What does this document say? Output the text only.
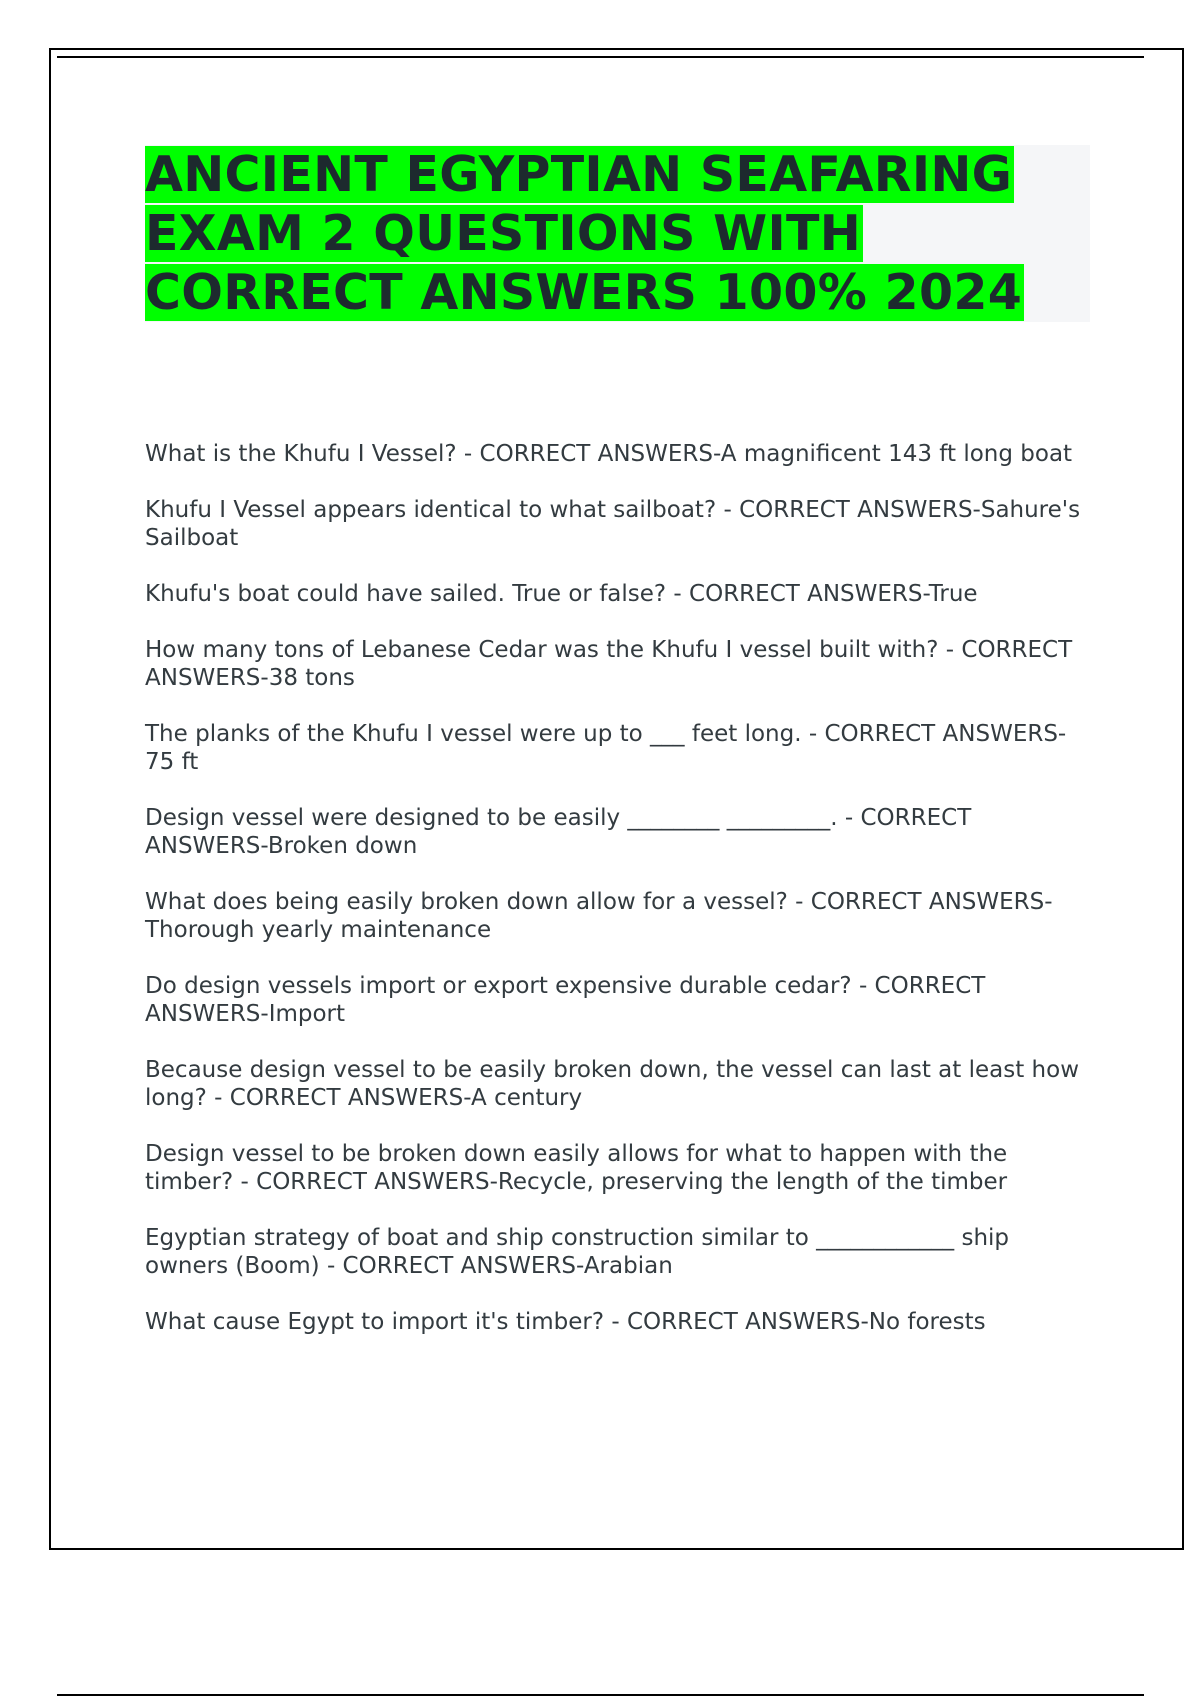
ANCIENT EGYPTIAN SEAFARING EXAM 2 QUESTIONS WITH CORRECT ANSWERS 100% 2024
What is the Khufu I Vessel? - CORRECT ANSWERS-A magnificent 143 ft long boat
Khufu I Vessel appears identical to what sailboat? - CORRECT ANSWERS-Sahure's Sailboat
Khufu's boat could have sailed. True or false? - CORRECT ANSWERS-True
How many tons of Lebanese Cedar was the Khufu I vessel built with? - CORRECT ANSWERS-38 tons
The planks of the Khufu I vessel were up to ___ feet long. - CORRECT ANSWERS-75 ft
Design vessel were designed to be easily ________ _________. - CORRECT ANSWERS-Broken down
What does being easily broken down allow for a vessel? - CORRECT ANSWERS-Thorough yearly maintenance
Do design vessels import or export expensive durable cedar? - CORRECT ANSWERS-Import
Because design vessel to be easily broken down, the vessel can last at least how long? - CORRECT ANSWERS-A century
Design vessel to be broken down easily allows for what to happen with the timber? - CORRECT ANSWERS-Recycle, preserving the length of the timber
Egyptian strategy of boat and ship construction similar to ____________ ship owners (Boom) - CORRECT ANSWERS-Arabian
What cause Egypt to import it's timber? - CORRECT ANSWERS-No forests
